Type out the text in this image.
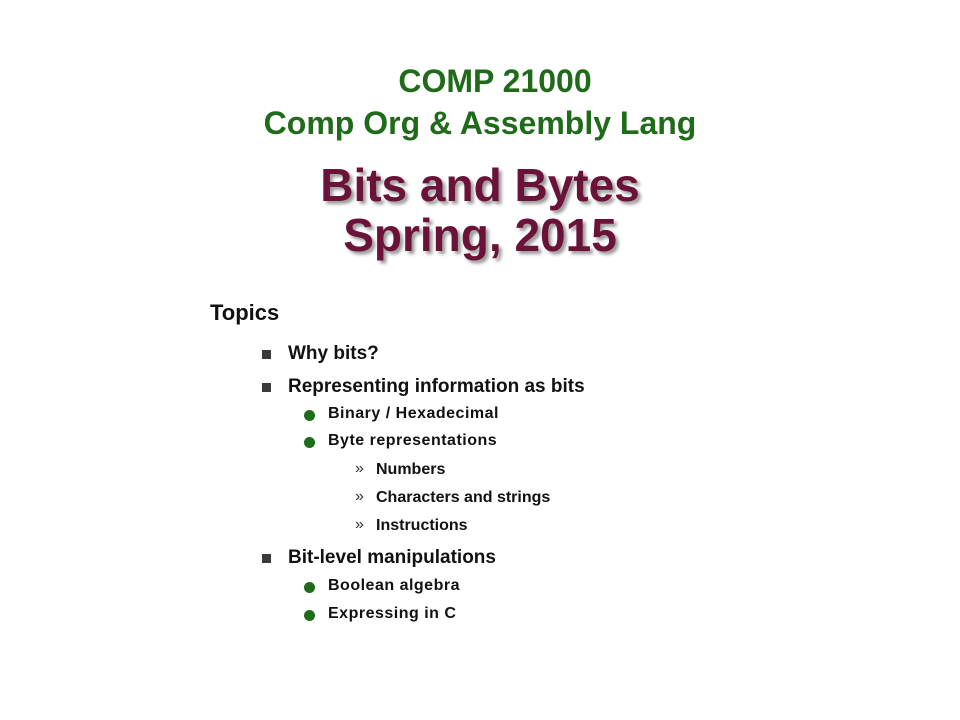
COMP 21000
Comp Org & Assembly Lang
Bits and Bytes
Spring, 2015
Topics
Why bits?
Representing information as bits
Binary / Hexadecimal
Byte representations
» Numbers
» Characters and strings
» Instructions
Bit-level manipulations
Boolean algebra
Expressing in C
